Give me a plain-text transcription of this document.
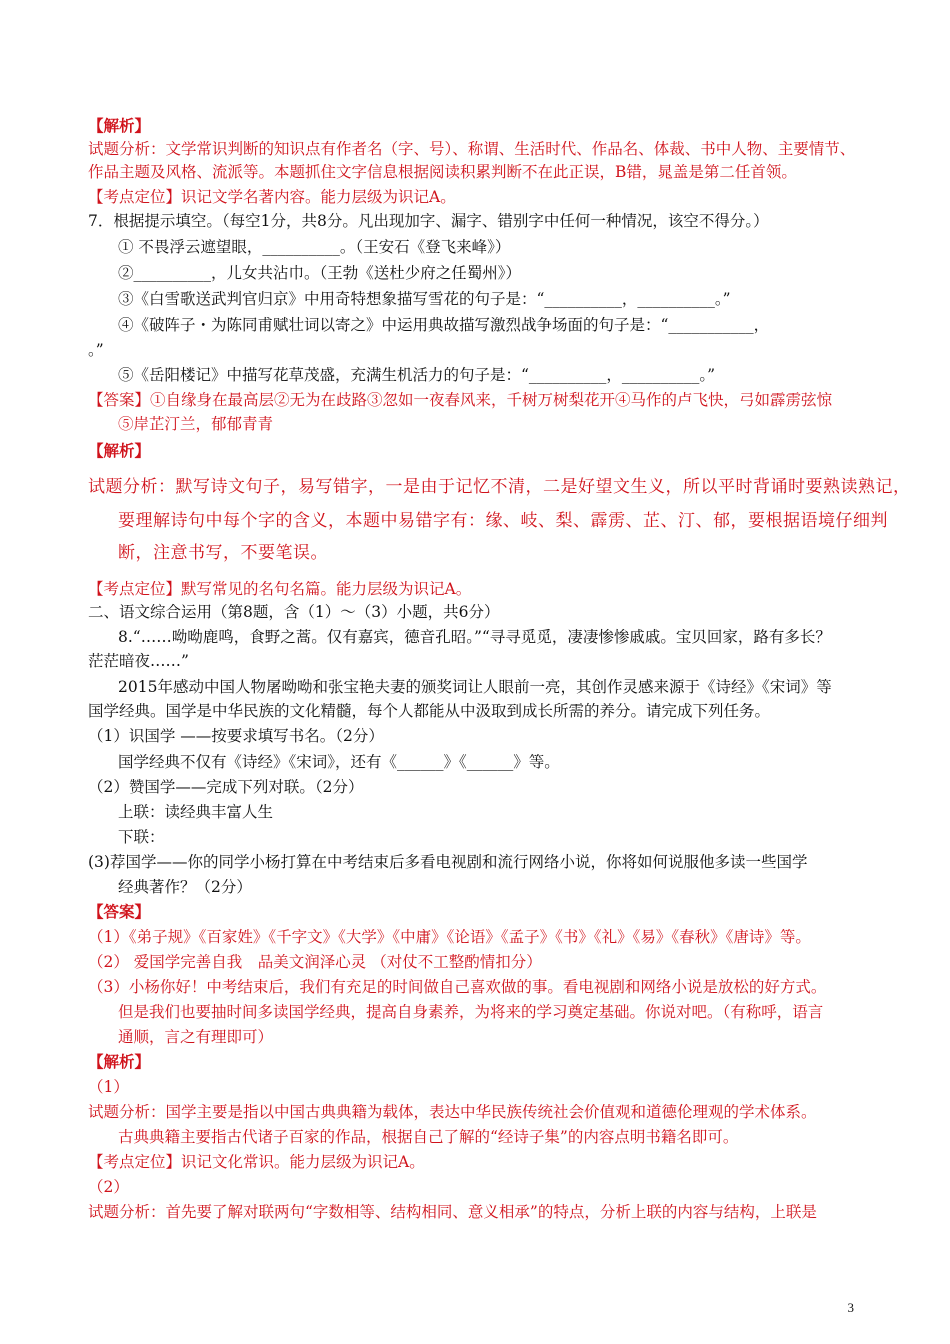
【解析】
试题分析：文学常识判断的知识点有作者名（字、号）、称谓、生活时代、作品名、体裁、书中人物、主要情节、
作品主题及风格、流派等。本题抓住文字信息根据阅读积累判断不在此正误，B错，晁盖是第二任首领。
【考点定位】识记文学名著内容。能力层级为识记A。
7．根据提示填空。（每空1分，共8分。凡出现加字、漏字、错别字中任何一种情况，该空不得分。）
① 不畏浮云遮望眼，__________。（王安石《登飞来峰》）
②__________，儿女共沾巾。（王勃《送杜少府之任蜀州》）
③《白雪歌送武判官归京》中用奇特想象描写雪花的句子是：“__________，__________。”
④《破阵子・为陈同甫赋壮词以寄之》中运用典故描写激烈战争场面的句子是：“___________，
。”
⑤《岳阳楼记》中描写花草茂盛，充满生机活力的句子是：“__________，__________。”
【答案】①自缘身在最高层②无为在歧路③忽如一夜春风来，千树万树梨花开④马作的卢飞快，弓如霹雳弦惊
⑤岸芷汀兰，郁郁青青
【解析】
试题分析：默写诗文句子，易写错字，一是由于记忆不清，二是好望文生义，所以平时背诵时要熟读熟记，
要理解诗句中每个字的含义，本题中易错字有：缘、岐、梨、霹雳、芷、汀、郁，要根据语境仔细判
断，注意书写，不要笔误。
【考点定位】默写常见的名句名篇。能力层级为识记A。
二、语文综合运用（第8题，含（1）～（3）小题，共6分）
8.“……呦呦鹿鸣，食野之蒿。仅有嘉宾，德音孔昭。”“寻寻觅觅，凄凄惨惨戚戚。宝贝回家，路有多长？
茫茫暗夜……”
2015年感动中国人物屠呦呦和张宝艳夫妻的颁奖词让人眼前一亮，其创作灵感来源于《诗经》《宋词》等
国学经典。国学是中华民族的文化精髓，每个人都能从中汲取到成长所需的养分。请完成下列任务。
（1）识国学 ——按要求填写书名。（2分）
国学经典不仅有《诗经》《宋词》，还有《______》《______》等。
（2）赞国学——完成下列对联。（2分）
上联：读经典丰富人生
下联：
(3)荐国学——你的同学小杨打算在中考结束后多看电视剧和流行网络小说，你将如何说服他多读一些国学
经典著作？（2分）
【答案】
（1）《弟子规》《百家姓》《千字文》《大学》《中庸》《论语》《孟子》《书》《礼》《易》《春秋》《唐诗》等。
（2） 爱国学完善自我　品美文润泽心灵 （对仗不工整酌情扣分）
（3）小杨你好！中考结束后，我们有充足的时间做自己喜欢做的事。看电视剧和网络小说是放松的好方式。
但是我们也要抽时间多读国学经典，提高自身素养，为将来的学习奠定基础。你说对吧。（有称呼，语言
通顺，言之有理即可）
【解析】
（1）
试题分析：国学主要是指以中国古典典籍为载体，表达中华民族传统社会价值观和道德伦理观的学术体系。
古典典籍主要指古代诸子百家的作品，根据自己了解的“经诗子集”的内容点明书籍名即可。
【考点定位】识记文化常识。能力层级为识记A。
（2）
试题分析：首先要了解对联两句“字数相等、结构相同、意义相承”的特点，分析上联的内容与结构，上联是
3
